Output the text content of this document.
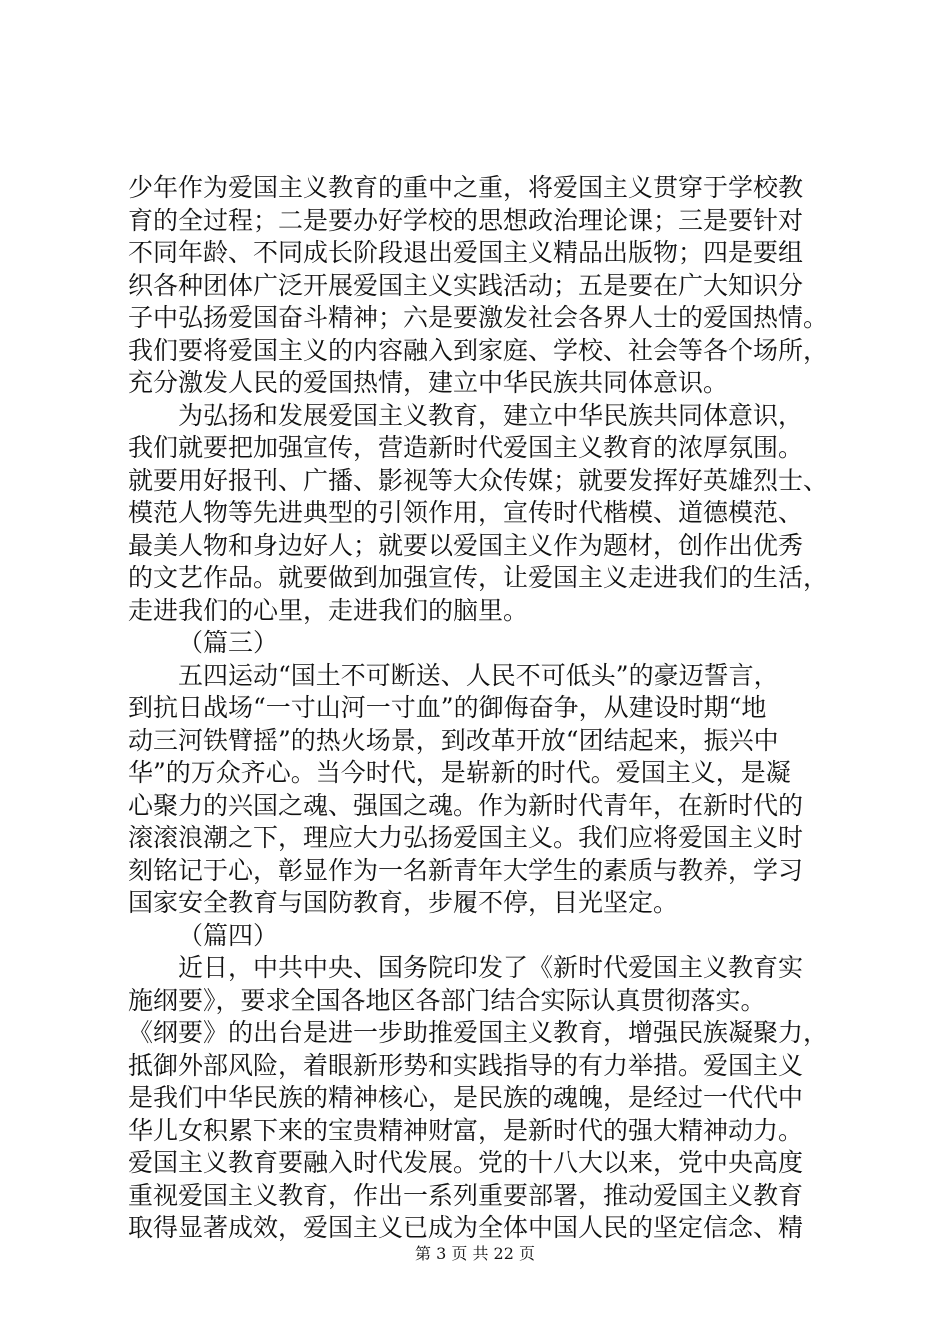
少年作为爱国主义教育的重中之重，将爱国主义贯穿于学校教
育的全过程；二是要办好学校的思想政治理论课；三是要针对
不同年龄、不同成长阶段退出爱国主义精品出版物；四是要组
织各种团体广泛开展爱国主义实践活动；五是要在广大知识分
子中弘扬爱国奋斗精神；六是要激发社会各界人士的爱国热情。
我们要将爱国主义的内容融入到家庭、学校、社会等各个场所，
充分激发人民的爱国热情，建立中华民族共同体意识。
为弘扬和发展爱国主义教育，建立中华民族共同体意识，
我们就要把加强宣传，营造新时代爱国主义教育的浓厚氛围。
就要用好报刊、广播、影视等大众传媒；就要发挥好英雄烈士、
模范人物等先进典型的引领作用，宣传时代楷模、道德模范、
最美人物和身边好人；就要以爱国主义作为题材，创作出优秀
的文艺作品。就要做到加强宣传，让爱国主义走进我们的生活，
走进我们的心里，走进我们的脑里。
（篇三）
五四运动“国土不可断送、人民不可低头”的豪迈誓言，
到抗日战场“一寸山河一寸血”的御侮奋争，从建设时期“地
动三河铁臂摇”的热火场景，到改革开放“团结起来，振兴中
华”的万众齐心。当今时代，是崭新的时代。爱国主义，是凝
心聚力的兴国之魂、强国之魂。作为新时代青年，在新时代的
滚滚浪潮之下，理应大力弘扬爱国主义。我们应将爱国主义时
刻铭记于心，彰显作为一名新青年大学生的素质与教养，学习
国家安全教育与国防教育，步履不停，目光坚定。
（篇四）
近日，中共中央、国务院印发了《新时代爱国主义教育实
施纲要》，要求全国各地区各部门结合实际认真贯彻落实。
《纲要》的出台是进一步助推爱国主义教育，增强民族凝聚力，
抵御外部风险，着眼新形势和实践指导的有力举措。爱国主义
是我们中华民族的精神核心，是民族的魂魄，是经过一代代中
华儿女积累下来的宝贵精神财富，是新时代的强大精神动力。
爱国主义教育要融入时代发展。党的十八大以来，党中央高度
重视爱国主义教育，作出一系列重要部署，推动爱国主义教育
取得显著成效，爱国主义已成为全体中国人民的坚定信念、精
第 3 页 共 22 页
